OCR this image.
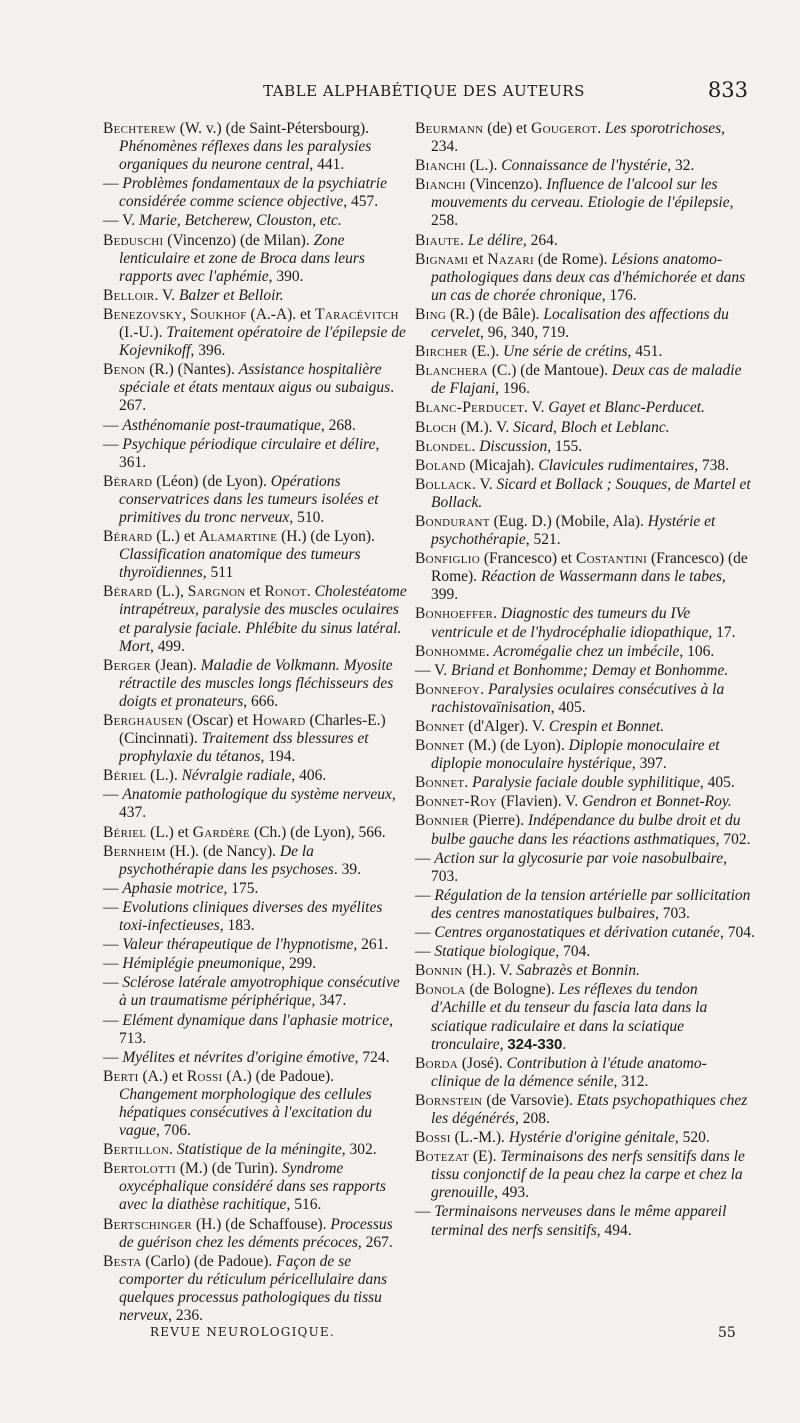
TABLE ALPHABÉTIQUE DES AUTEURS	833
Bechterew (W. v.) (de Saint-Pétersbourg). Phénomènes réflexes dans les paralysies organiques du neurone central, 441.
— Problèmes fondamentaux de la psychiatrie considérée comme science objective, 457.
— V. Marie, Betcherew, Clouston, etc.
Beduschi (Vincenzo) (de Milan). Zone lenticulaire et zone de Broca dans leurs rapports avec l'aphémie, 390.
Belloir. V. Balzer et Belloir.
Benezovsky, Soukhof (A.-A). et Taracévitch (I.-U.). Traitement opératoire de l'épilepsie de Kojevnikoff, 396.
Benon (R.) (Nantes). Assistance hospitalière spéciale et états mentaux aigus ou subaigus. 267.
— Asthénomanie post-traumatique, 268.
— Psychique périodique circulaire et délire, 361.
Bérard (Léon) (de Lyon). Opérations conservatrices dans les tumeurs isolées et primitives du tronc nerveux, 510.
Bérard (L.) et Alamartine (H.) (de Lyon). Classification anatomique des tumeurs thyroïdiennes, 511
Bérard (L.), Sargnon et Ronot. Cholestéatome intrapétreux, paralysie des muscles oculaires et paralysie faciale. Phlébite du sinus latéral. Mort, 499.
Berger (Jean). Maladie de Volkmann. Myosite rétractile des muscles longs fléchisseurs des doigts et pronateurs, 666.
Berghausen (Oscar) et Howard (Charles-E.) (Cincinnati). Traitement dss blessures et prophylaxie du tétanos, 194.
Bériel (L.). Névralgie radiale, 406.
— Anatomie pathologique du système nerveux, 437.
Bériel (L.) et Gardère (Ch.) (de Lyon), 566.
Bernheim (H.). (de Nancy). De la psychothérapie dans les psychoses. 39.
— Aphasie motrice, 175.
— Evolutions cliniques diverses des myélites toxi-infectieuses, 183.
— Valeur thérapeutique de l'hypnotisme, 261.
— Hémiplégie pneumonique, 299.
— Sclérose latérale amyotrophique consécutive à un traumatisme périphérique, 347.
— Elément dynamique dans l'aphasie motrice, 713.
— Myélites et névrites d'origine émotive, 724.
Berti (A.) et Rossi (A.) (de Padoue). Changement morphologique des cellules hépatiques consécutives à l'excitation du vague, 706.
Bertillon. Statistique de la méningite, 302.
Bertolotti (M.) (de Turin). Syndrome oxycéphalique considéré dans ses rapports avec la diathèse rachitique, 516.
Bertschinger (H.) (de Schaffouse). Processus de guérison chez les déments précoces, 267.
Besta (Carlo) (de Padoue). Façon de se comporter du réticulum péricellulaire dans quelques processus pathologiques du tissu nerveux, 236.
Beurmann (de) et Gougerot. Les sporotrichoses, 234.
Bianchi (L.). Connaissance de l'hystérie, 32.
Bianchi (Vincenzo). Influence de l'alcool sur les mouvements du cerveau. Etiologie de l'épilepsie, 258.
Biaute. Le délire, 264.
Bignami et Nazari (de Rome). Lésions anatomo-pathologiques dans deux cas d'hémichorée et dans un cas de chorée chronique, 176.
Bing (R.) (de Bâle). Localisation des affections du cervelet, 96, 340, 719.
Bircher (E.). Une série de crétins, 451.
Blanchera (C.) (de Mantoue). Deux cas de maladie de Flajani, 196.
Blanc-Perducet. V. Gayet et Blanc-Perducet.
Bloch (M.). V. Sicard, Bloch et Leblanc.
Blondel. Discussion, 155.
Boland (Micajah). Clavicules rudimentaires, 738.
Bollack. V. Sicard et Bollack ; Souques, de Martel et Bollack.
Bondurant (Eug. D.) (Mobile, Ala). Hystérie et psychothérapie, 521.
Bonfiglio (Francesco) et Costantini (Francesco) (de Rome). Réaction de Wassermann dans le tabes, 399.
Bonhoeffer. Diagnostic des tumeurs du IVe ventricule et de l'hydrocéphalie idiopathique, 17.
Bonhomme. Acromégalie chez un imbécile, 106.
— V. Briand et Bonhomme; Demay et Bonhomme.
Bonnefoy. Paralysies oculaires consécutives à la rachistovaïnisation, 405.
Bonnet (d'Alger). V. Crespin et Bonnet.
Bonnet (M.) (de Lyon). Diplopie monoculaire et diplopie monoculaire hystérique, 397.
Bonnet. Paralysie faciale double syphilitique, 405.
Bonnet-Roy (Flavien). V. Gendron et Bonnet-Roy.
Bonnier (Pierre). Indépendance du bulbe droit et du bulbe gauche dans les réactions asthmatiques, 702.
— Action sur la glycosurie par voie nasobulbaire, 703.
— Régulation de la tension artérielle par sollicitation des centres manostatiques bulbaires, 703.
— Centres organostatiques et dérivation cutanée, 704.
— Statique biologique, 704.
Bonnin (H.). V. Sabrazès et Bonnin.
Bonola (de Bologne). Les réflexes du tendon d'Achille et du tenseur du fascia lata dans la sciatique radiculaire et dans la sciatique tronculaire, 324-330.
Borda (José). Contribution à l'étude anatomo-clinique de la démence sénile, 312.
Bornstein (de Varsovie). Etats psychopathiques chez les dégénérés, 208.
Bossi (L.-M.). Hystérie d'origine génitale, 520.
Botezat (E). Terminaisons des nerfs sensitifs dans le tissu conjonctif de la peau chez la carpe et chez la grenouille, 493.
— Terminaisons nerveuses dans le même appareil terminal des nerfs sensitifs, 494.
REVUE NEUROLOGIQUE.	55
